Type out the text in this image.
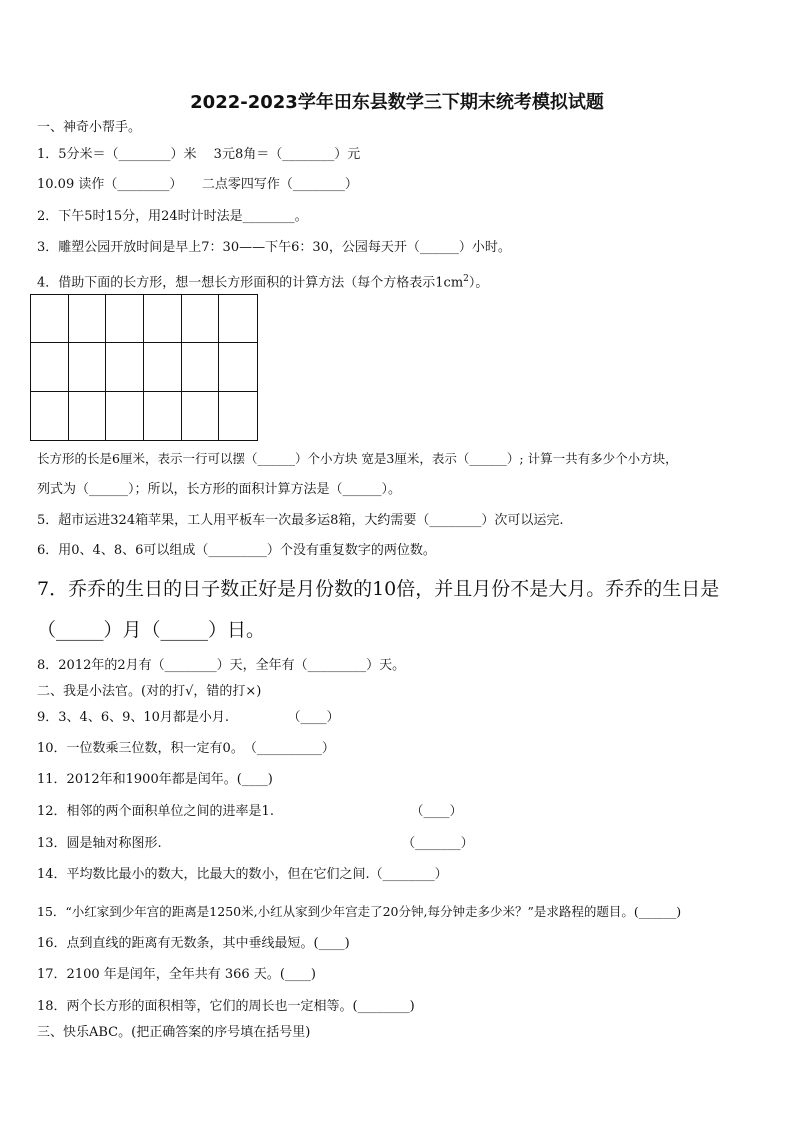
2022-2023学年田东县数学三下期末统考模拟试题
一、神奇小帮手。
1．5分米＝（________）米　 3元8角＝（________）元
10.09 读作（________）　　二点零四写作（________）
2．下午5时15分，用24时计时法是________。
3．雕塑公园开放时间是早上7：30——下午6：30，公园每天开（______）小时。
4．借助下面的长方形，想一想长方形面积的计算方法（每个方格表示$1cm^2$）。
长方形的长是6厘米，表示一行可以摆（______）个小方块 宽是3厘米，表示（______）; 计算一共有多少个小方块，
列式为（______）；所以，长方形的面积计算方法是（______）。
5．超市运进324箱苹果，工人用平板车一次最多运8箱，大约需要（________）次可以运完.
6．用0、4、8、6可以组成（_________）个没有重复数字的两位数。
7．乔乔的生日的日子数正好是月份数的10倍，并且月份不是大月。乔乔的生日是
（_____）月（_____）日。
8．2012年的2月有（________）天，全年有（_________）天。
二、我是小法官。(对的打√，错的打×)
9．3、4、6、9、10月都是小月.　　　　　（____）
10．一位数乘三位数，积一定有0。　（__________）
11．2012年和1900年都是闰年。(____)
12．相邻的两个面积单位之间的进率是1.　　　　　　　　　　　（____）
13．圆是轴对称图形.　　　　　　　　　　　　　　　　　　　（_______）
14．平均数比最小的数大，比最大的数小，但在它们之间.（________）
15．“小红家到少年宫的距离是1250米,小红从家到少年宫走了20分钟,每分钟走多少米？”是求路程的题目。(______)
16．点到直线的距离有无数条，其中垂线最短。(____)
17．2100 年是闰年，全年共有 366 天。(____)
18．两个长方形的面积相等，它们的周长也一定相等。(________)
三、快乐ABC。(把正确答案的序号填在括号里)
